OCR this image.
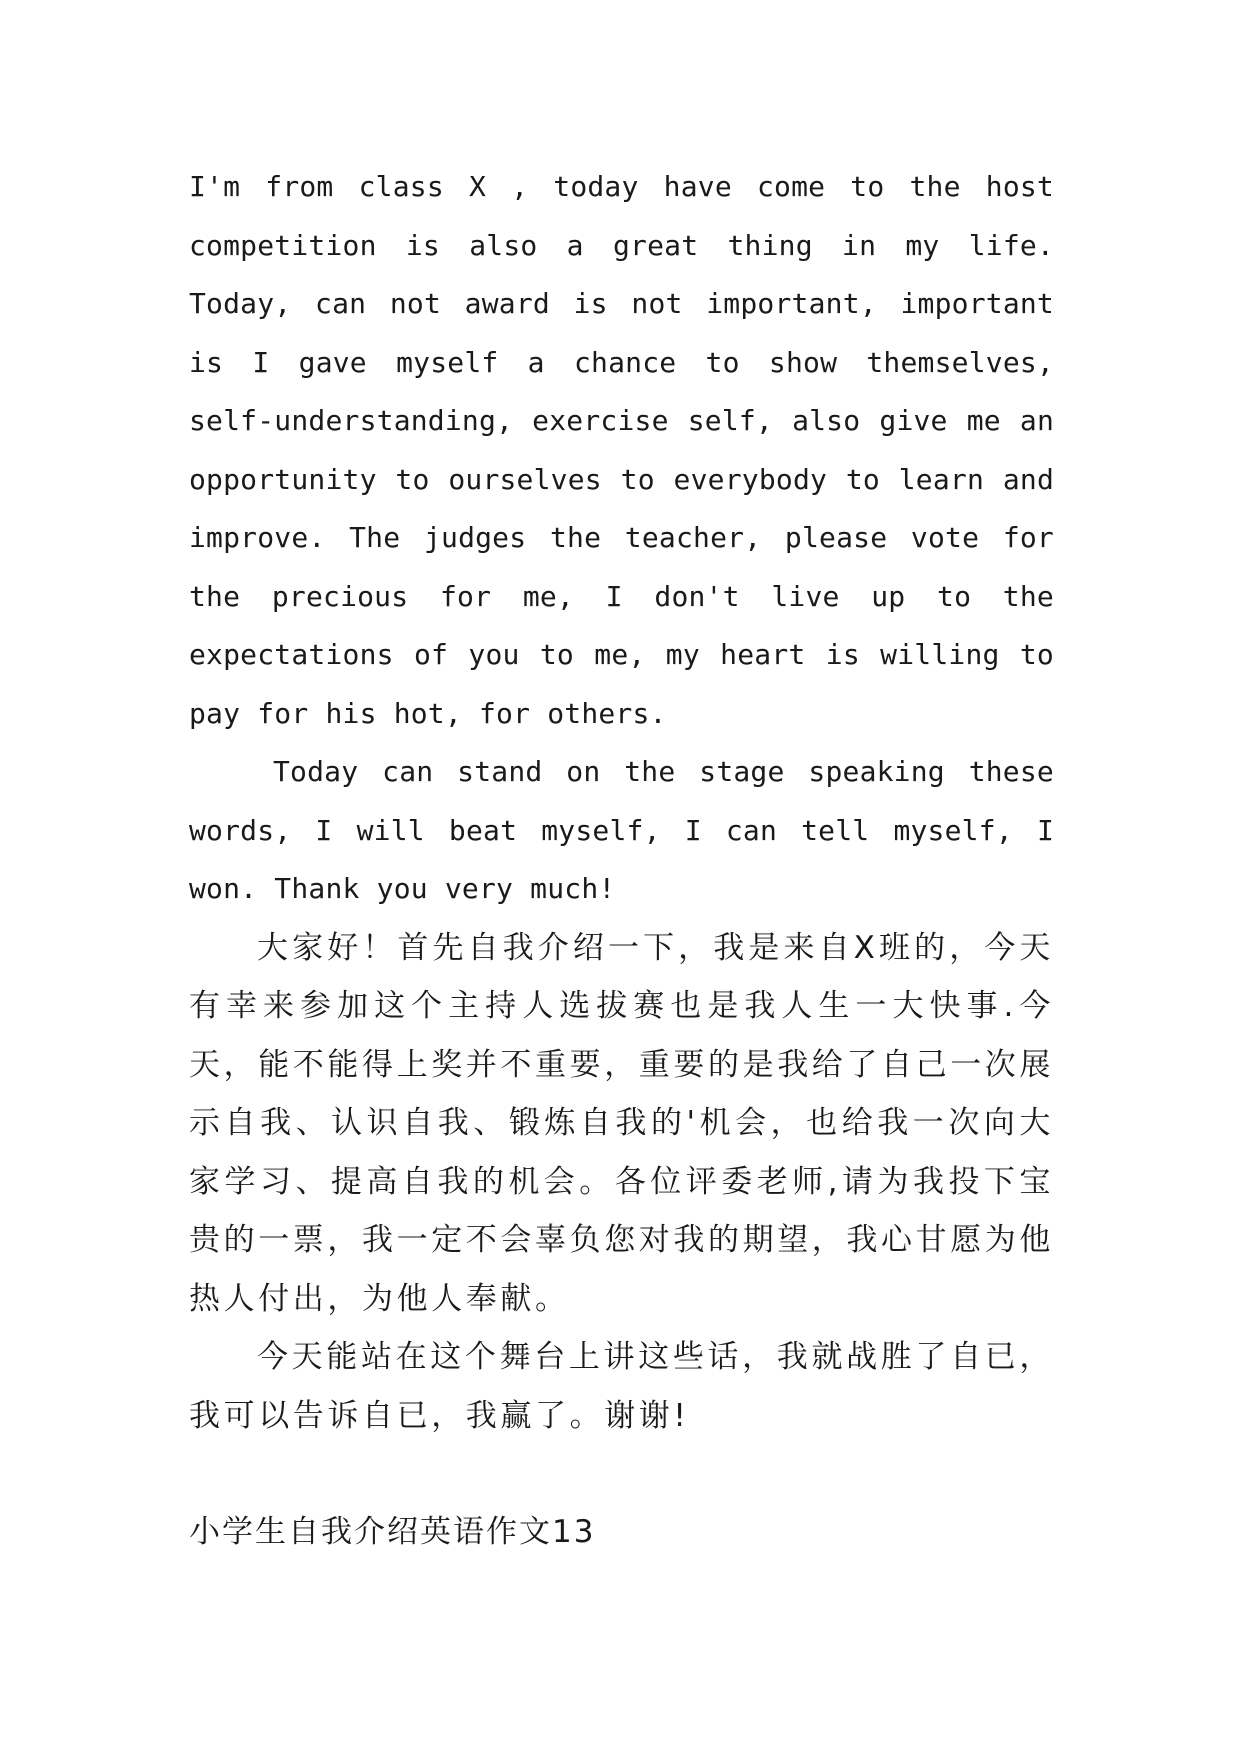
I'm from class X , today have come to the host competition is also a great thing in my life. Today, can not award is not important, important is I gave myself a chance to show themselves, self-understanding, exercise self, also give me an opportunity to ourselves to everybody to learn and improve. The judges the teacher, please vote for the precious for me, I don't live up to the expectations of you to me, my heart is willing to pay for his hot, for others.

Today can stand on the stage speaking these words, I will beat myself, I can tell myself, I won. Thank you very much!

大家好！首先自我介绍一下，我是来自X班的，今天有幸来参加这个主持人选拔赛也是我人生一大快事.今天，能不能得上奖并不重要，重要的是我给了自己一次展示自我、认识自我、锻炼自我的'机会，也给我一次向大家学习、提高自我的机会。各位评委老师,请为我投下宝贵的一票，我一定不会辜负您对我的期望，我心甘愿为他热人付出，为他人奉献。

今天能站在这个舞台上讲这些话，我就战胜了自已，我可以告诉自已，我赢了。谢谢!

小学生自我介绍英语作文13
